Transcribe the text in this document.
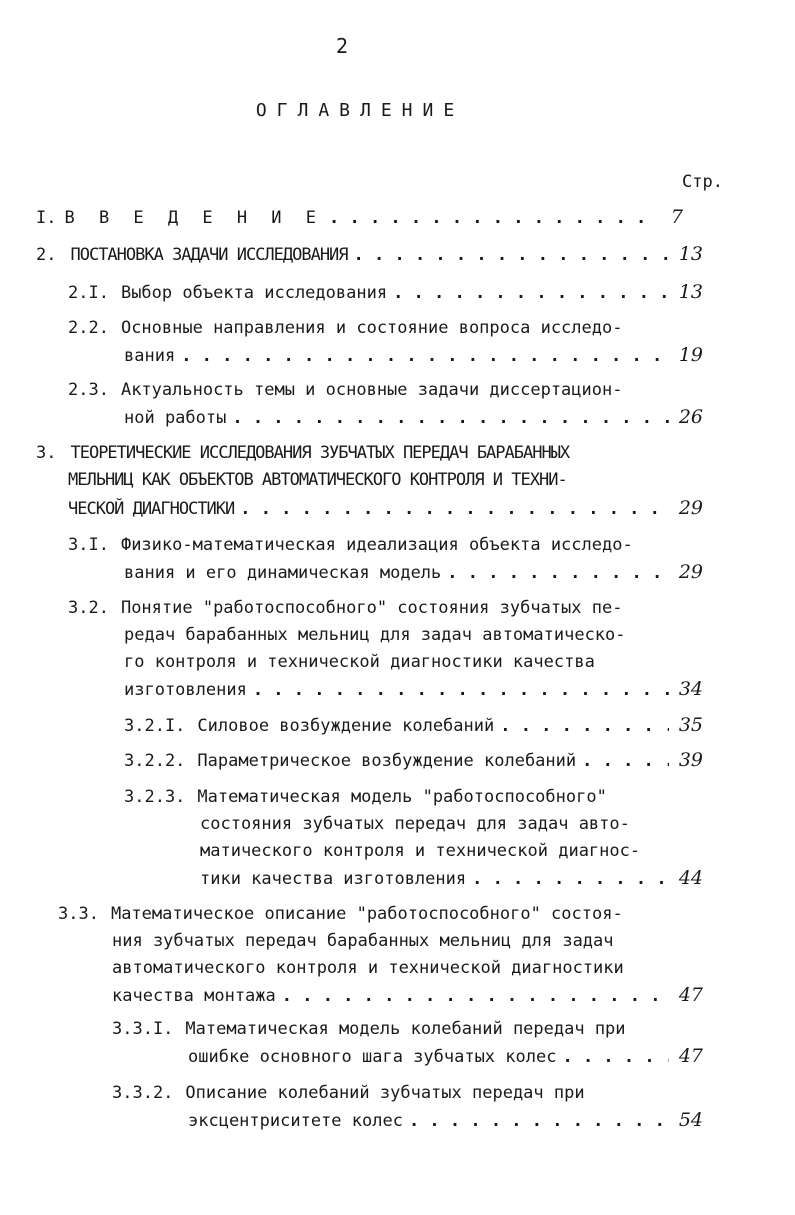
2
ОГЛАВЛЕНИЕ
Стр.
I. В В Е Д Е Н И Е . . .	7
2. ПОСТАНОВКА ЗАДАЧИ ИССЛЕДОВАНИЯ . . .	13
2.I. Выбор объекта исследования . . .	13
2.2. Основные направления и состояние вопроса исследо-
вания . . .	19
2.3. Актуальность темы и основные задачи диссертацион-
ной работы . . .	26
3. ТЕОРЕТИЧЕСКИЕ ИССЛЕДОВАНИЯ ЗУБЧАТЫХ ПЕРЕДАЧ БАРАБАННЫХ
МЕЛЬНИЦ КАК ОБЪЕКТОВ АВТОМАТИЧЕСКОГО КОНТРОЛЯ И ТЕХНИ-
ЧЕСКОЙ ДИАГНОСТИКИ . . .	29
3.I. Физико-математическая идеализация объекта исследо-
вания и его динамическая модель . . .	29
3.2. Понятие "работоспособного" состояния зубчатых пе-
редач барабанных мельниц для задач автоматическо-
го контроля и технической диагностики качества
изготовления . . .	34
3.2.I. Силовое возбуждение колебаний . . .	35
3.2.2. Параметрическое возбуждение колебаний . . .	39
3.2.3. Математическая модель "работоспособного"
состояния зубчатых передач для задач авто-
матического контроля и технической диагнос-
тики качества изготовления . . .	44
3.3. Математическое описание "работоспособного" состоя-
ния зубчатых передач барабанных мельниц для задач
автоматического контроля и технической диагностики
качества монтажа . . .	47
3.3.I. Математическая модель колебаний передач при
ошибке основного шага зубчатых колес . . .	47
3.3.2. Описание колебаний зубчатых передач при
эксцентриситете колес . . .	54
